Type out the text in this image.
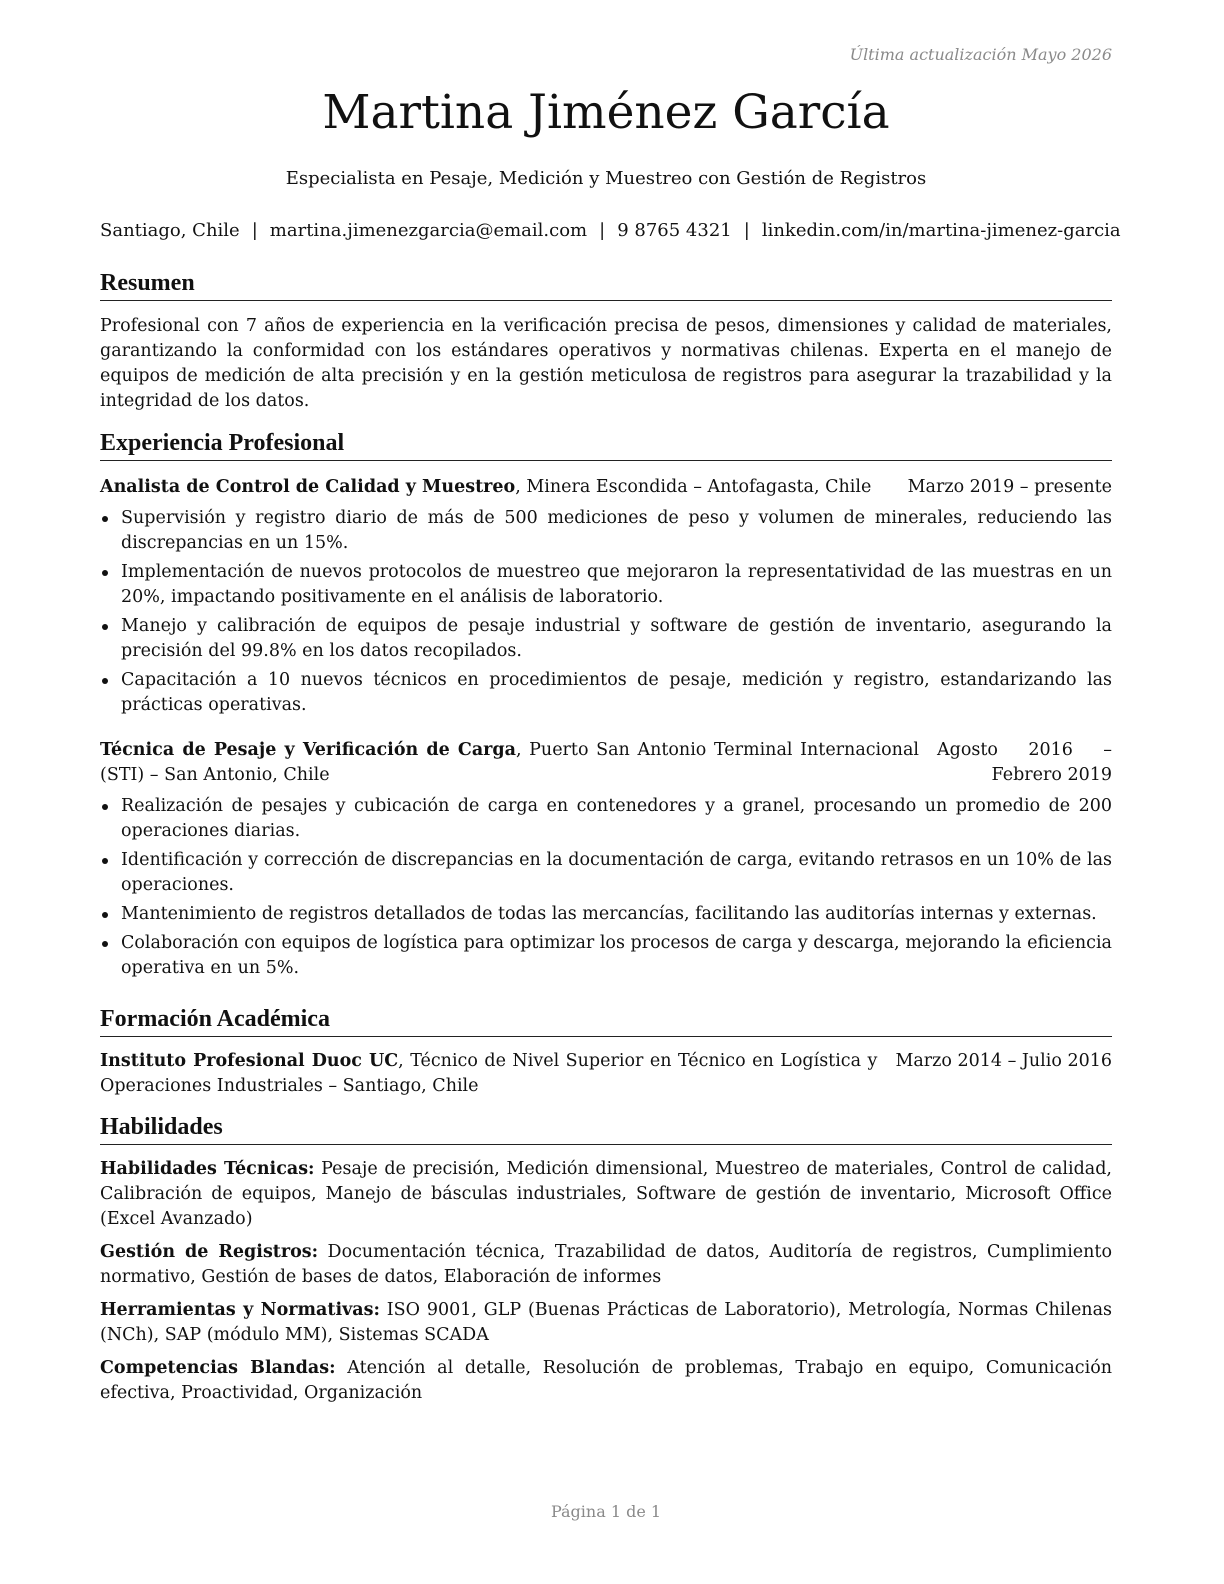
Última actualización Mayo 2026
Martina Jiménez García
Especialista en Pesaje, Medición y Muestreo con Gestión de Registros
Santiago, Chile | martina.jimenezgarcia@email.com | 9 8765 4321 | linkedin.com/in/martina-jimenez-garcia
Resumen

Profesional con 7 años de experiencia en la verificación precisa de pesos, dimensiones y calidad de materiales, garantizando la conformidad con los estándares operativos y normativas chilenas. Experta en el manejo de equipos de medición de alta precisión y en la gestión meticulosa de registros para asegurar la trazabilidad y la integridad de los datos.

Experiencia Profesional
Analista de Control de Calidad y Muestreo, Minera Escondida – Antofagasta, Chile	Marzo 2019 – presente
Supervisión y registro diario de más de 500 mediciones de peso y volumen de minerales, reduciendo las discrepancias en un 15%.
Implementación de nuevos protocolos de muestreo que mejoraron la representatividad de las muestras en un 20%, impactando positivamente en el análisis de laboratorio.
Manejo y calibración de equipos de pesaje industrial y software de gestión de inventario, asegurando la precisión del 99.8% en los datos recopilados.
Capacitación a 10 nuevos técnicos en procedimientos de pesaje, medición y registro, estandarizando las prácticas operativas.
Técnica de Pesaje y Verificación de Carga, Puerto San Antonio Terminal Internacional (STI) – San Antonio, Chile
Agosto 2016 – Febrero 2019
Realización de pesajes y cubicación de carga en contenedores y a granel, procesando un promedio de 200 operaciones diarias.
Identificación y corrección de discrepancias en la documentación de carga, evitando retrasos en un 10% de las operaciones.
Mantenimiento de registros detallados de todas las mercancías, facilitando las auditorías internas y externas.
Colaboración con equipos de logística para optimizar los procesos de carga y descarga, mejorando la eficiencia operativa en un 5%.
Formación Académica
Instituto Profesional Duoc UC, Técnico de Nivel Superior en Técnico en Logística y Operaciones Industriales – Santiago, Chile
Marzo 2014 – Julio 2016
Habilidades
Habilidades Técnicas: Pesaje de precisión, Medición dimensional, Muestreo de materiales, Control de calidad, Calibración de equipos, Manejo de básculas industriales, Software de gestión de inventario, Microsoft Office (Excel Avanzado)
Gestión de Registros: Documentación técnica, Trazabilidad de datos, Auditoría de registros, Cumplimiento normativo, Gestión de bases de datos, Elaboración de informes
Herramientas y Normativas: ISO 9001, GLP (Buenas Prácticas de Laboratorio), Metrología, Normas Chilenas (NCh), SAP (módulo MM), Sistemas SCADA
Competencias Blandas: Atención al detalle, Resolución de problemas, Trabajo en equipo, Comunicación efectiva, Proactividad, Organización
Página 1 de 1
